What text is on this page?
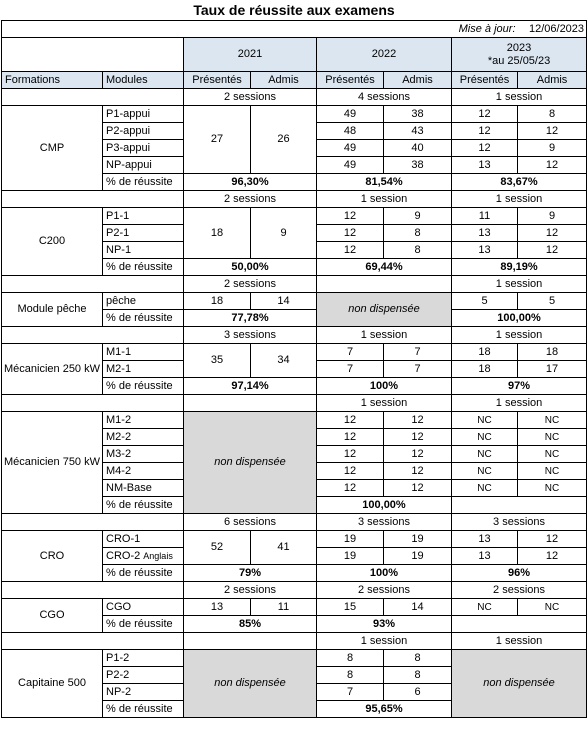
Taux de réussite aux examens							
						Mise à jour:	12/06/2023
		2021		2022		2023
*au 25/05/23	
Formations	Modules	Présentés	Admis	Présentés	Admis	Présentés	Admis
		2 sessions		4 sessions		1 session	
CMP	P1-appui	27	26	49	38	12	8
	P2-appui			48	43	12	12
	P3-appui			49	40	12	9
	NP-appui			49	38	13	12
	% de réussite	96,30%		81,54%		83,67%	
		2 sessions		1 session		1 session	
C200	P1-1	18	9	12	9	11	9
	P2-1			12	8	13	12
	NP-1			12	8	13	12
	% de réussite	50,00%		69,44%		89,19%	
		2 sessions				1 session	
Module pêche	pêche	18	14	non dispensée		5	5
	% de réussite	77,78%				100,00%	
		3 sessions		1 session		1 session	
Mécanicien 250 kW	M1-1	35	34	7	7	18	18
	M2-1			7	7	18	17
	% de réussite	97,14%		100%		97%	
				1 session		1 session	
Mécanicien 750 kW	M1-2	non dispensée		12	12	NC	NC
	M2-2			12	12	NC	NC
	M3-2			12	12	NC	NC
	M4-2			12	12	NC	NC
	NM-Base			12	12	NC	NC
	% de réussite			100,00%			
		6 sessions		3 sessions		3 sessions	
CRO	CRO-1	52	41	19	19	13	12
	CRO-2 Anglais			19	19	13	12
	% de réussite	79%		100%		96%	
		2 sessions		2 sessions		2 sessions	
CGO	CGO	13	11	15	14	NC	NC
	% de réussite	85%		93%			
				1 session		1 session	
Capitaine 500	P1-2	non dispensée		8	8	non dispensée	
	P2-2			8	8		
	NP-2			7	6		
	% de réussite			95,65%			
